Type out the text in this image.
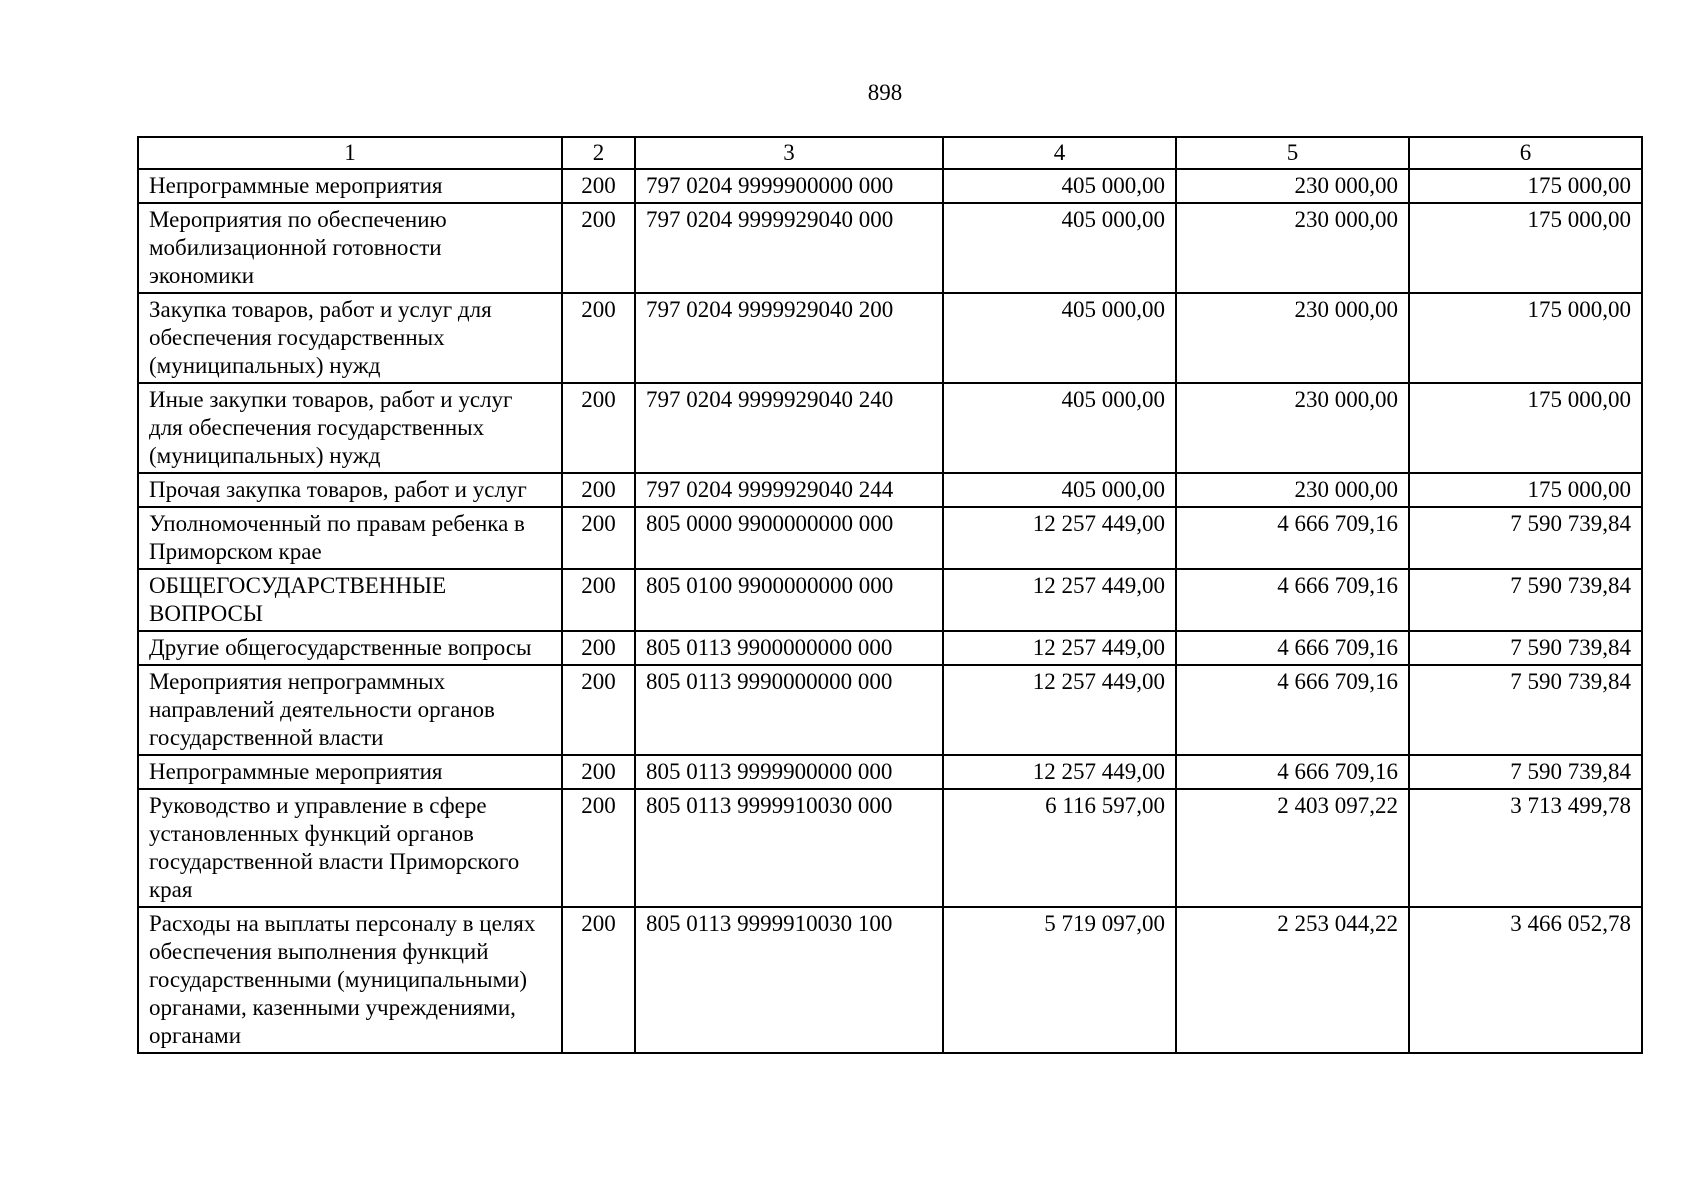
898
1	2	3	4	5	6
Непрограммные мероприятия	200	797 0204 9999900000 000	405 000,00	230 000,00	175 000,00
Мероприятия по обеспечению мобилизационной готовности экономики	200	797 0204 9999929040 000	405 000,00	230 000,00	175 000,00
Закупка товаров, работ и услуг для обеспечения государственных (муниципальных) нужд	200	797 0204 9999929040 200	405 000,00	230 000,00	175 000,00
Иные закупки товаров, работ и услуг для обеспечения государственных (муниципальных) нужд	200	797 0204 9999929040 240	405 000,00	230 000,00	175 000,00
Прочая закупка товаров, работ и услуг	200	797 0204 9999929040 244	405 000,00	230 000,00	175 000,00
Уполномоченный по правам ребенка в Приморском крае	200	805 0000 9900000000 000	12 257 449,00	4 666 709,16	7 590 739,84
ОБЩЕГОСУДАРСТВЕННЫЕ ВОПРОСЫ	200	805 0100 9900000000 000	12 257 449,00	4 666 709,16	7 590 739,84
Другие общегосударственные вопросы	200	805 0113 9900000000 000	12 257 449,00	4 666 709,16	7 590 739,84
Мероприятия непрограммных направлений деятельности органов государственной власти	200	805 0113 9990000000 000	12 257 449,00	4 666 709,16	7 590 739,84
Непрограммные мероприятия	200	805 0113 9999900000 000	12 257 449,00	4 666 709,16	7 590 739,84
Руководство и управление в сфере установленных функций органов государственной власти Приморского края	200	805 0113 9999910030 000	6 116 597,00	2 403 097,22	3 713 499,78
Расходы на выплаты персоналу в целях обеспечения выполнения функций государственными (муниципальными) органами, казенными учреждениями, органами	200	805 0113 9999910030 100	5 719 097,00	2 253 044,22	3 466 052,78
